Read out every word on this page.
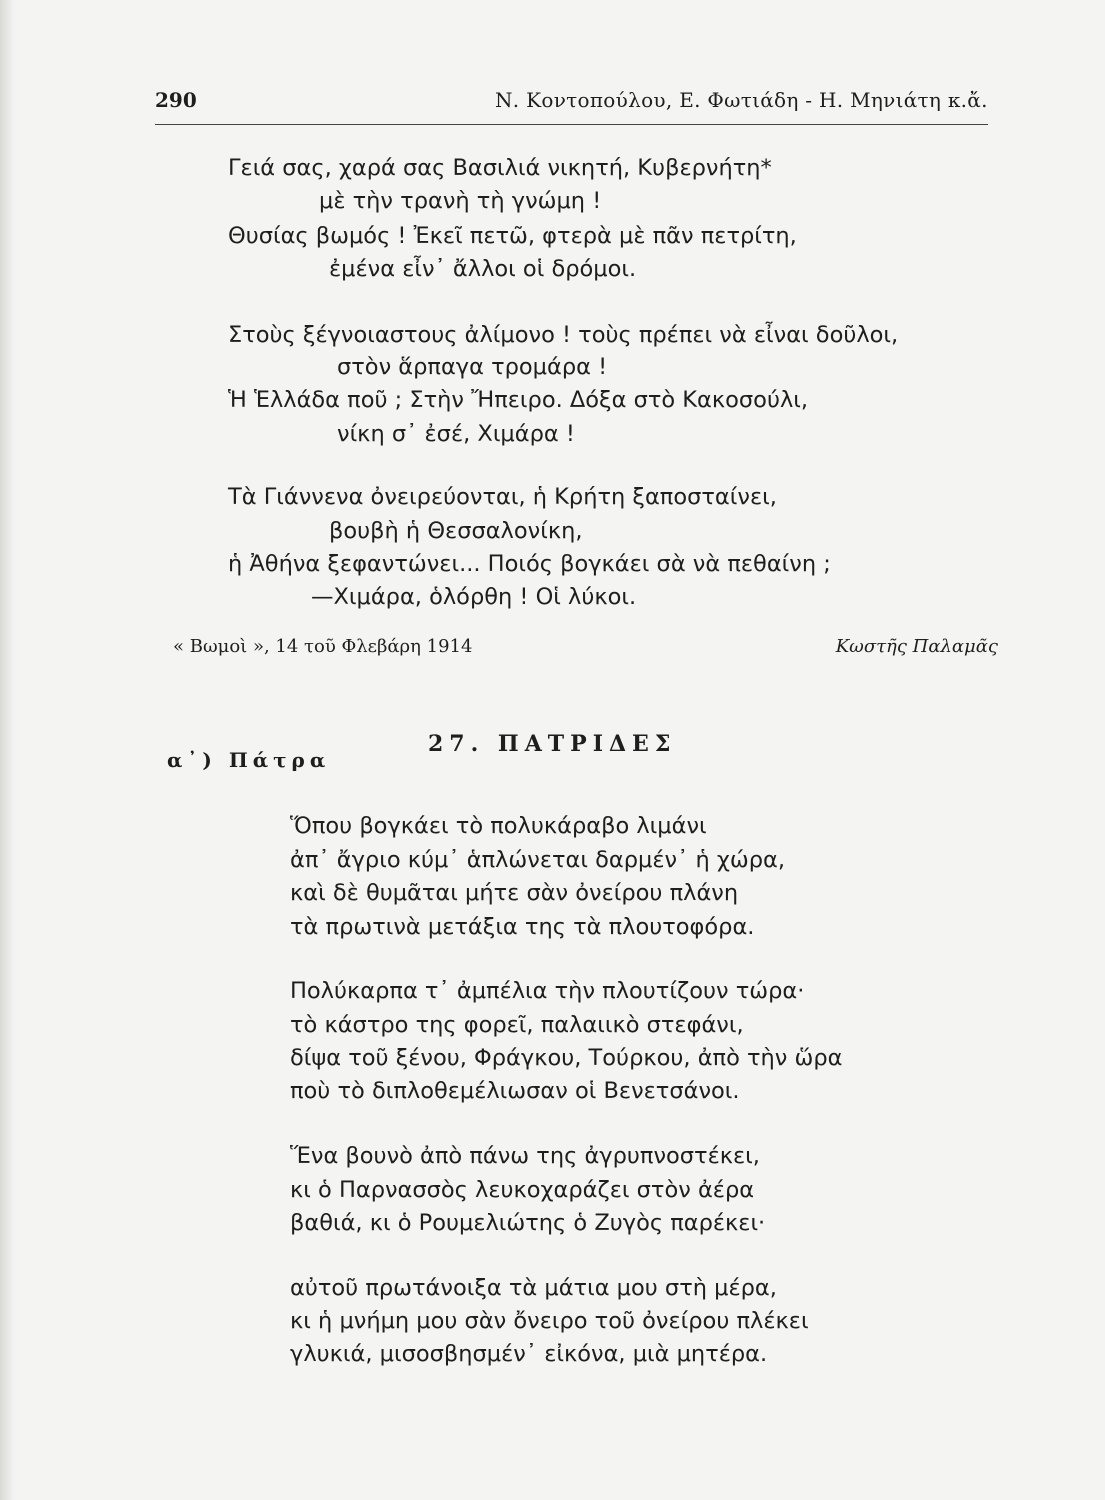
290	Ν. Κοντοπούλου, Ε. Φωτιάδη - Η. Μηνιάτη κ.ἄ.
Γειά σας, χαρά σας Βασιλιά νικητή, Κυβερνήτη*
μὲ τὴν τρανὴ τὴ γνώμη !
Θυσίας βωμός ! Ἐκεῖ πετῶ, φτερὰ μὲ πᾶν πετρίτη,
ἐμένα εἶν᾽ ἄλλοι οἱ δρόμοι.
Στοὺς ξέγνοιαστους ἀλίμονο ! τοὺς πρέπει νὰ εἶναι δοῦλοι,
στὸν ἅρπαγα τρομάρα !
Ἡ Ἑλλάδα ποῦ ; Στὴν Ἤπειρο. Δόξα στὸ Κακοσούλι,
νίκη σ᾽ ἐσέ, Χιμάρα !
Τὰ Γιάννενα ὀνειρεύονται, ἡ Κρήτη ξαποσταίνει,
βουβὴ ἡ Θεσσαλονίκη,
ἡ Ἀθήνα ξεφαντώνει... Ποιός βογκάει σὰ νὰ πεθαίνη ;
—Χιμάρα, ὁλόρθη ! Οἱ λύκοι.
« Βωμοὶ », 14 τοῦ Φλεβάρη 1914	Κωστῆς Παλαμᾶς
27. ΠΑΤΡΙΔΕΣ
α᾽) Πάτρα
Ὅπου βογκάει τὸ πολυκάραβο λιμάνι
ἀπ᾽ ἄγριο κύμ᾽ ἁπλώνεται δαρμέν᾽ ἡ χώρα,
καὶ δὲ θυμᾶται μήτε σὰν ὀνείρου πλάνη
τὰ πρωτινὰ μετάξια της τὰ πλουτοφόρα.
Πολύκαρπα τ᾽ ἀμπέλια τὴν πλουτίζουν τώρα·
τὸ κάστρο της φορεῖ, παλαιικὸ στεφάνι,
δίψα τοῦ ξένου, Φράγκου, Τούρκου, ἀπὸ τὴν ὥρα
ποὺ τὸ διπλοθεμέλιωσαν οἱ Βενετσάνοι.
Ἕνα βουνὸ ἀπὸ πάνω της ἀγρυπνοστέκει,
κι ὁ Παρνασσὸς λευκοχαράζει στὸν ἀέρα
βαθιά, κι ὁ Ρουμελιώτης ὁ Ζυγὸς παρέκει·
αὐτοῦ πρωτάνοιξα τὰ μάτια μου στὴ μέρα,
κι ἡ μνήμη μου σὰν ὄνειρο τοῦ ὀνείρου πλέκει
γλυκιά, μισοσβησμέν᾽ εἰκόνα, μιὰ μητέρα.
